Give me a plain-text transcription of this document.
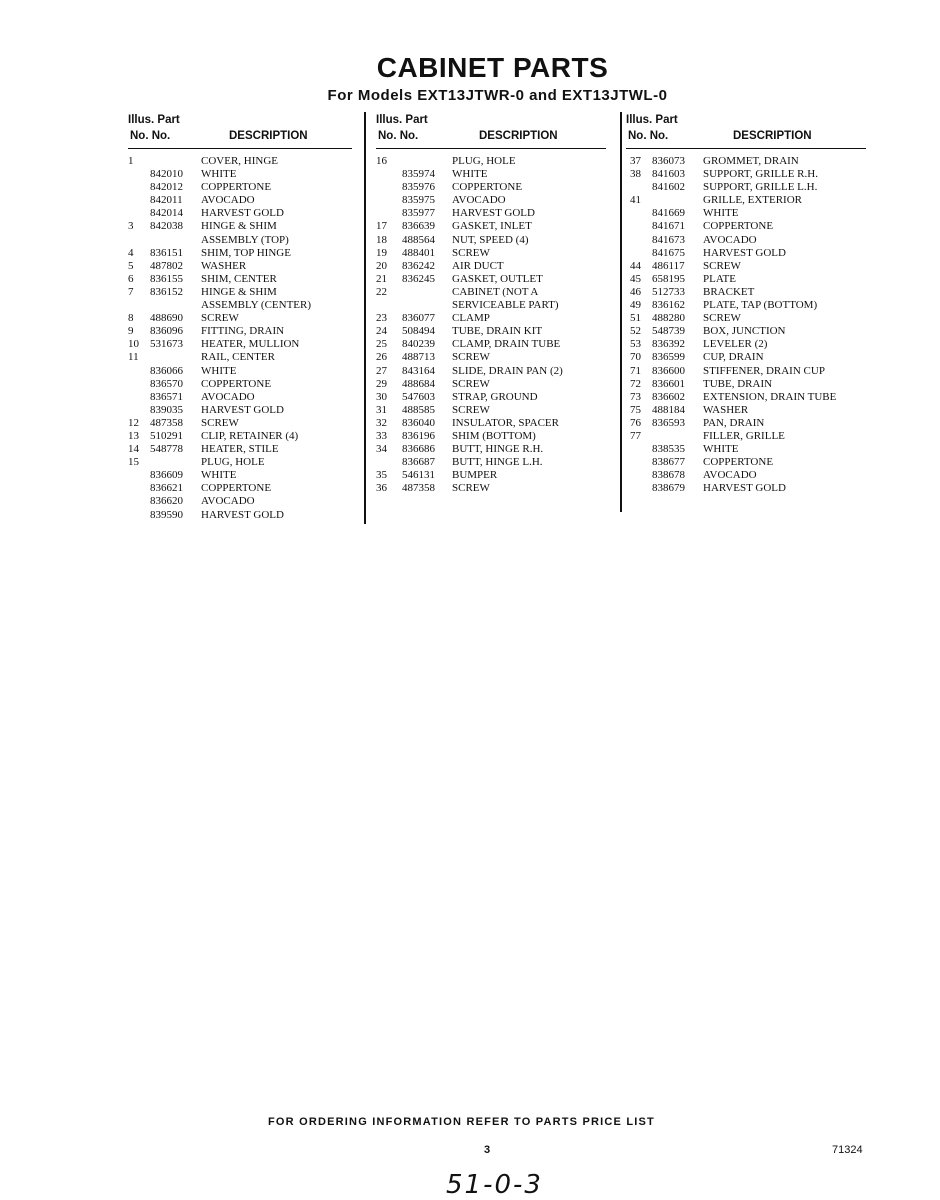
CABINET PARTS
For Models EXT13JTWR-0 and EXT13JTWL-0
Illus. Part
No. No.	DESCRIPTION
1	COVER, HINGE
842010 WHITE
842012 COPPERTONE
842011 AVOCADO
842014 HARVEST GOLD
3 842038 HINGE & SHIM
ASSEMBLY (TOP)
4 836151 SHIM, TOP HINGE
5 487802 WASHER
6 836155 SHIM, CENTER
7 836152 HINGE & SHIM
ASSEMBLY (CENTER)
8 488690 SCREW
9 836096 FITTING, DRAIN
10 531673 HEATER, MULLION
11	RAIL, CENTER
836066 WHITE
836570 COPPERTONE
836571 AVOCADO
839035 HARVEST GOLD
12 487358 SCREW
13 510291 CLIP, RETAINER (4)
14 548778 HEATER, STILE
15	PLUG, HOLE
836609 WHITE
836621 COPPERTONE
836620 AVOCADO
839590 HARVEST GOLD
Illus. Part
No. No.	DESCRIPTION
16	PLUG, HOLE
835974 WHITE
835976 COPPERTONE
835975 AVOCADO
835977 HARVEST GOLD
17 836639 GASKET, INLET
18 488564 NUT, SPEED (4)
19 488401 SCREW
20 836242 AIR DUCT
21 836245 GASKET, OUTLET
22	CABINET (NOT A
SERVICEABLE PART)
23 836077 CLAMP
24 508494 TUBE, DRAIN KIT
25 840239 CLAMP, DRAIN TUBE
26 488713 SCREW
27 843164 SLIDE, DRAIN PAN (2)
29 488684 SCREW
30 547603 STRAP, GROUND
31 488585 SCREW
32 836040 INSULATOR, SPACER
33 836196 SHIM (BOTTOM)
34 836686 BUTT, HINGE R.H.
836687 BUTT, HINGE L.H.
35 546131 BUMPER
36 487358 SCREW
Illus. Part
No. No.	DESCRIPTION
37 836073 GROMMET, DRAIN
38 841603 SUPPORT, GRILLE R.H.
841602 SUPPORT, GRILLE L.H.
41	GRILLE, EXTERIOR
841669 WHITE
841671 COPPERTONE
841673 AVOCADO
841675 HARVEST GOLD
44 486117 SCREW
45 658195 PLATE
46 512733 BRACKET
49 836162 PLATE, TAP (BOTTOM)
51 488280 SCREW
52 548739 BOX, JUNCTION
53 836392 LEVELER (2)
70 836599 CUP, DRAIN
71 836600 STIFFENER, DRAIN CUP
72 836601 TUBE, DRAIN
73 836602 EXTENSION, DRAIN TUBE
75 488184 WASHER
76 836593 PAN, DRAIN
77	FILLER, GRILLE
838535 WHITE
838677 COPPERTONE
838678 AVOCADO
838679 HARVEST GOLD
FOR ORDERING INFORMATION REFER TO PARTS PRICE LIST
3	71324
51-0-3
